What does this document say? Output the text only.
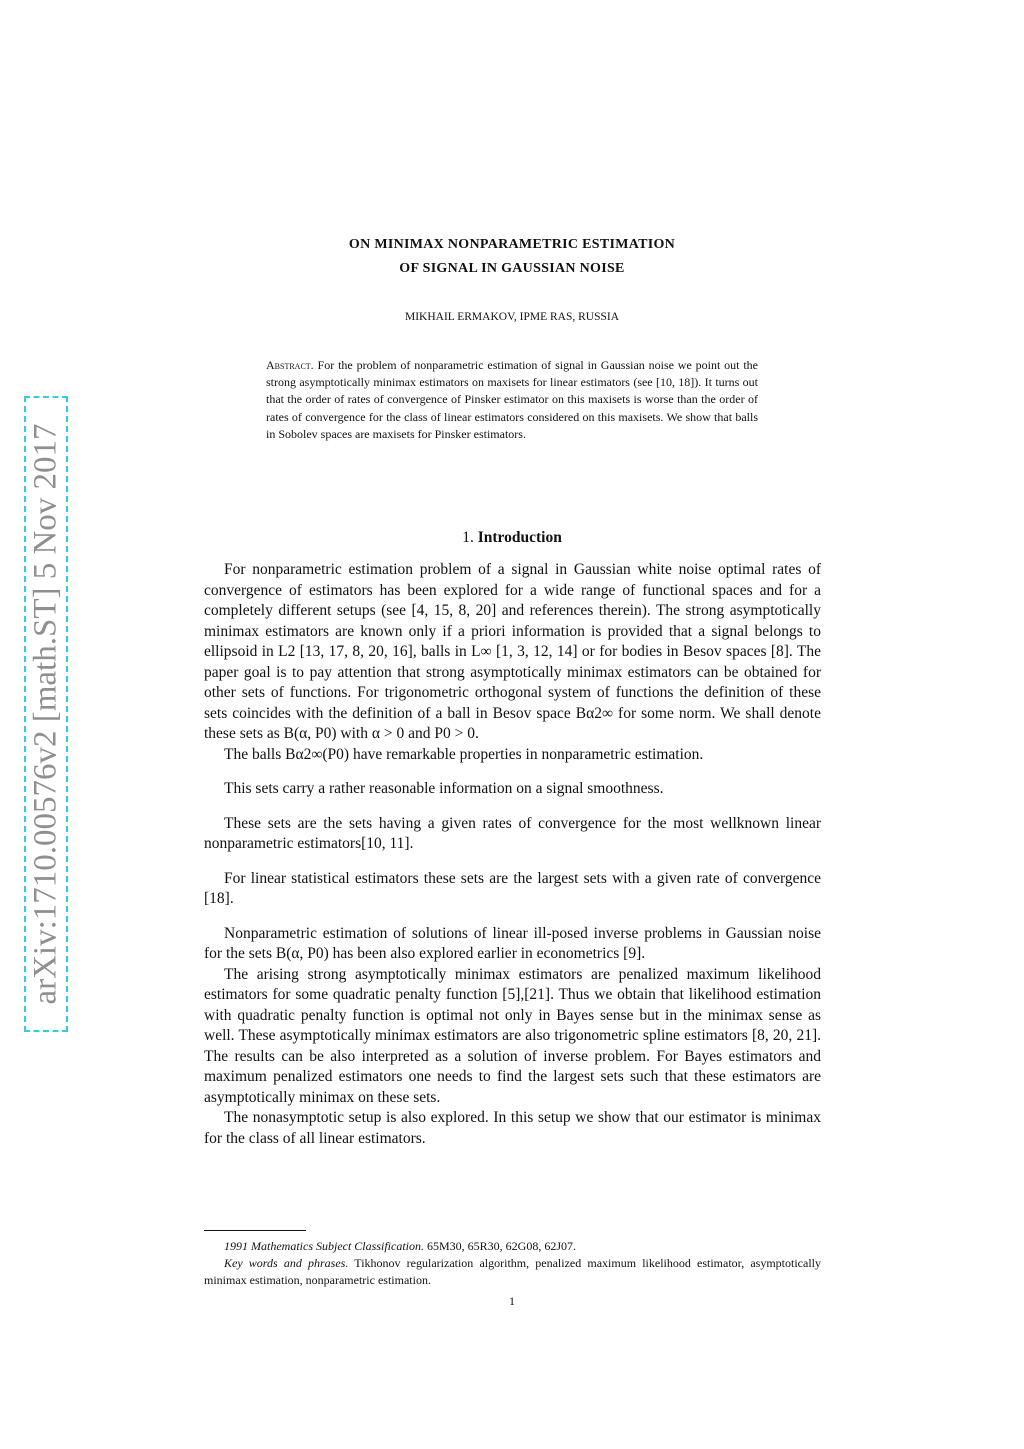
arXiv:1710.00576v2 [math.ST] 5 Nov 2017
ON MINIMAX NONPARAMETRIC ESTIMATION
OF SIGNAL IN GAUSSIAN NOISE
MIKHAIL ERMAKOV, IPME RAS, RUSSIA
Abstract. For the problem of nonparametric estimation of signal in Gaussian noise we point out the strong asymptotically minimax estimators on maxisets for linear estimators (see [10, 18]). It turns out that the order of rates of convergence of Pinsker estimator on this maxisets is worse than the order of rates of convergence for the class of linear estimators considered on this maxisets. We show that balls in Sobolev spaces are maxisets for Pinsker estimators.
1. Introduction

For nonparametric estimation problem of a signal in Gaussian white noise optimal rates of convergence of estimators has been explored for a wide range of functional spaces and for a completely different setups (see [4, 15, 8, 20] and references therein). The strong asymptotically minimax estimators are known only if a priori information is provided that a signal belongs to ellipsoid in L2 [13, 17, 8, 20, 16], balls in L∞ [1, 3, 12, 14] or for bodies in Besov spaces [8]. The paper goal is to pay attention that strong asymptotically minimax estimators can be obtained for other sets of functions. For trigonometric orthogonal system of functions the definition of these sets coincides with the definition of a ball in Besov space Bα2∞ for some norm. We shall denote these sets as B(α, P0) with α > 0 and P0 > 0.

The balls Bα2∞(P0) have remarkable properties in nonparametric estimation.

This sets carry a rather reasonable information on a signal smoothness.

These sets are the sets having a given rates of convergence for the most wellknown linear nonparametric estimators[10, 11].

For linear statistical estimators these sets are the largest sets with a given rate of convergence [18].

Nonparametric estimation of solutions of linear ill-posed inverse problems in Gaussian noise for the sets B(α, P0) has been also explored earlier in econometrics [9].

The arising strong asymptotically minimax estimators are penalized maximum likelihood estimators for some quadratic penalty function [5],[21]. Thus we obtain that likelihood estimation with quadratic penalty function is optimal not only in Bayes sense but in the minimax sense as well. These asymptotically minimax estimators are also trigonometric spline estimators [8, 20, 21]. The results can be also interpreted as a solution of inverse problem. For Bayes estimators and maximum penalized estimators one needs to find the largest sets such that these estimators are asymptotically minimax on these sets.

The nonasymptotic setup is also explored. In this setup we show that our estimator is minimax for the class of all linear estimators.

1991 Mathematics Subject Classification. 65M30, 65R30, 62G08, 62J07.

Key words and phrases. Tikhonov regularization algorithm, penalized maximum likelihood estimator, asymptotically minimax estimation, nonparametric estimation.

1
